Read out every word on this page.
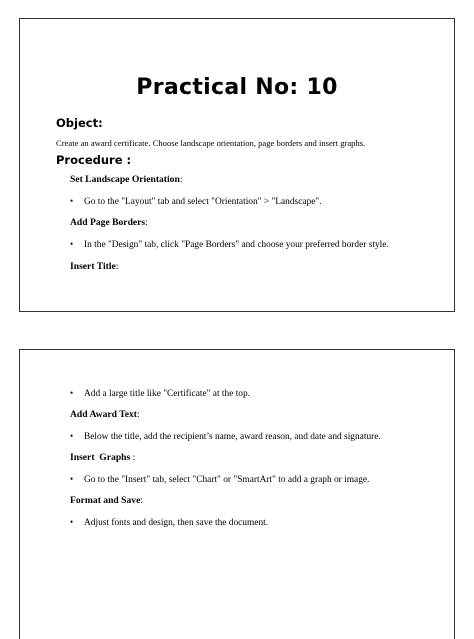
Practical No: 10
Object:
Create an award certificate. Choose landscape orientation, page borders and insert graphs.
Procedure :
Set Landscape Orientation:
• Go to the "Layout" tab and select "Orientation" > "Landscape".
Add Page Borders:
• In the "Design" tab, click "Page Borders" and choose your preferred border style.
Insert Title:
• Add a large title like "Certificate" at the top.
Add Award Text:
• Below the title, add the recipient’s name, award reason, and date and signature.
Insert  Graphs :
• Go to the "Insert" tab, select "Chart" or "SmartArt" to add a graph or image.
Format and Save:
• Adjust fonts and design, then save the document.
